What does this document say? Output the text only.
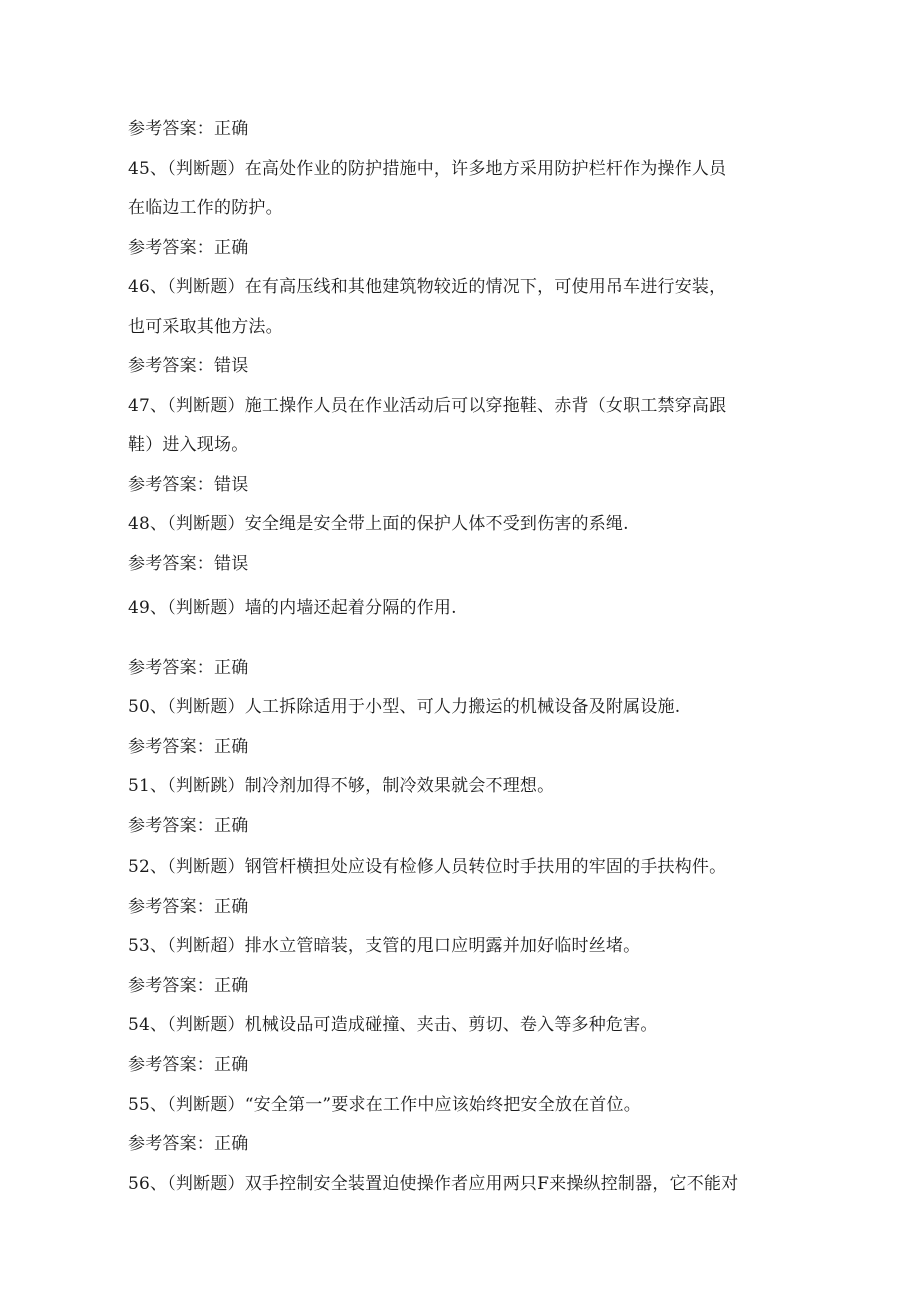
参考答案：正确
45、（判断题）在高处作业的防护措施中，许多地方采用防护栏杆作为操作人员
在临边工作的防护。
参考答案：正确
46、（判断题）在有高压线和其他建筑物较近的情况下，可使用吊车进行安装，
也可采取其他方法。
参考答案：错误
47、（判断题）施工操作人员在作业活动后可以穿拖鞋、赤背（女职工禁穿高跟
鞋）进入现场。
参考答案：错误
48、（判断题）安全绳是安全带上面的保护人体不受到伤害的系绳.
参考答案：错误
49、（判断题）墙的内墙还起着分隔的作用.
参考答案：正确
50、（判断题）人工拆除适用于小型、可人力搬运的机械设备及附属设施.
参考答案：正确
51、（判断跳）制冷剂加得不够，制冷效果就会不理想。
参考答案：正确
52、（判断题）钢管杆横担处应设有检修人员转位时手扶用的牢固的手扶构件。
参考答案：正确
53、（判断超）排水立管暗装，支管的甩口应明露并加好临时丝堵。
参考答案：正确
54、（判断题）机械设品可造成碰撞、夹击、剪切、卷入等多种危害。
参考答案：正确
55、（判断题）“安全第一”要求在工作中应该始终把安全放在首位。
参考答案：正确
56、（判断题）双手控制安全装置迫使操作者应用两只F来操纵控制器，它不能对
